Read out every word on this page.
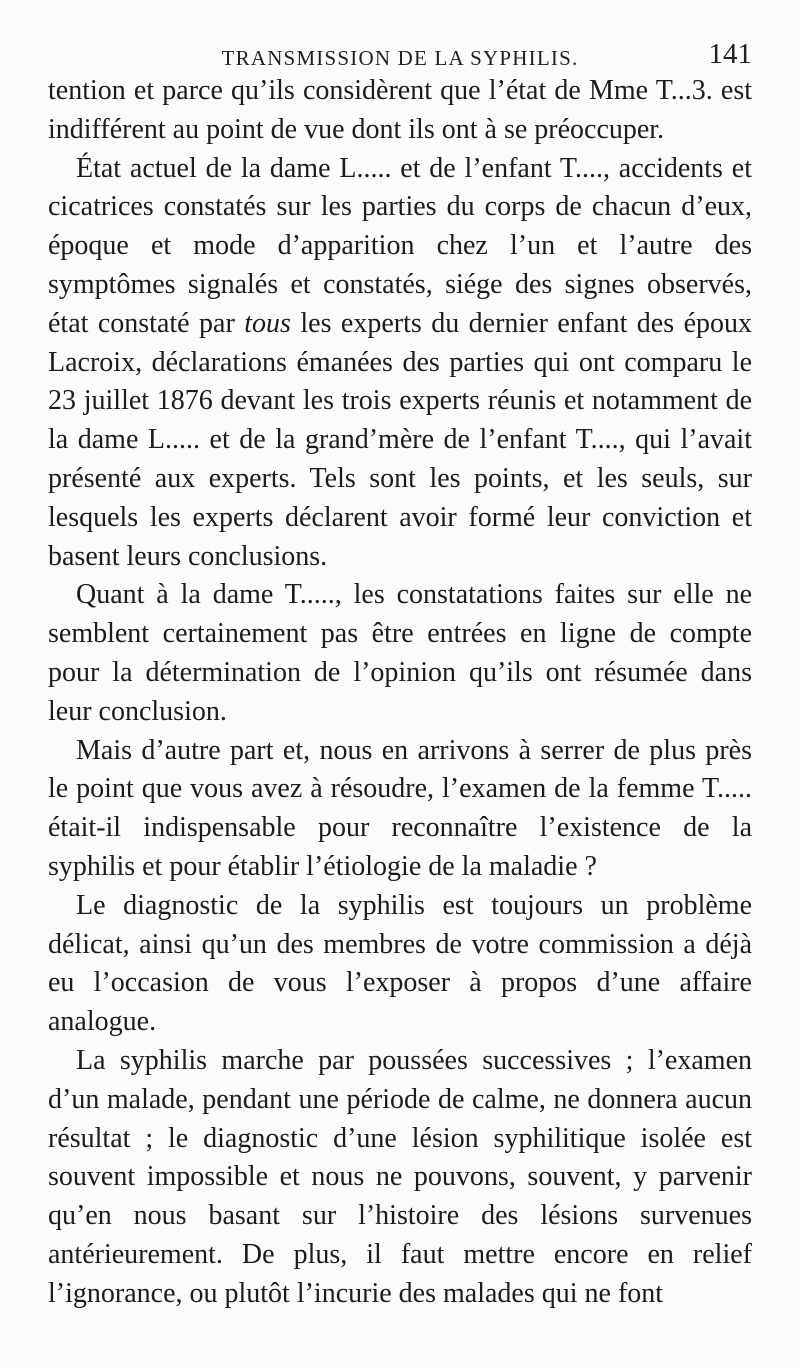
TRANSMISSION DE LA SYPHILIS.	141

tention et parce qu’ils considèrent que l’état de Mme T...3. est indifférent au point de vue dont ils ont à se préoccuper.

État actuel de la dame L..... et de l’enfant T...., accidents et cicatrices constatés sur les parties du corps de chacun d’eux, époque et mode d’apparition chez l’un et l’autre des symptômes signalés et constatés, siége des signes observés, état constaté par tous les experts du dernier enfant des époux Lacroix, déclarations émanées des parties qui ont comparu le 23 juillet 1876 devant les trois experts réunis et notamment de la dame L..... et de la grand’mère de l’enfant T...., qui l’avait présenté aux experts. Tels sont les points, et les seuls, sur lesquels les experts déclarent avoir formé leur conviction et basent leurs conclusions.

Quant à la dame T....., les constatations faites sur elle ne semblent certainement pas être entrées en ligne de compte pour la détermination de l’opinion qu’ils ont résumée dans leur conclusion.

Mais d’autre part et, nous en arrivons à serrer de plus près le point que vous avez à résoudre, l’examen de la femme T..... était-il indispensable pour reconnaître l’existence de la syphilis et pour établir l’étiologie de la maladie ?

Le diagnostic de la syphilis est toujours un problème délicat, ainsi qu’un des membres de votre commission a déjà eu l’occasion de vous l’exposer à propos d’une affaire analogue.

La syphilis marche par poussées successives ; l’examen d’un malade, pendant une période de calme, ne donnera aucun résultat ; le diagnostic d’une lésion syphilitique isolée est souvent impossible et nous ne pouvons, souvent, y parvenir qu’en nous basant sur l’histoire des lésions survenues antérieurement. De plus, il faut mettre encore en relief l’ignorance, ou plutôt l’incurie des malades qui ne font
